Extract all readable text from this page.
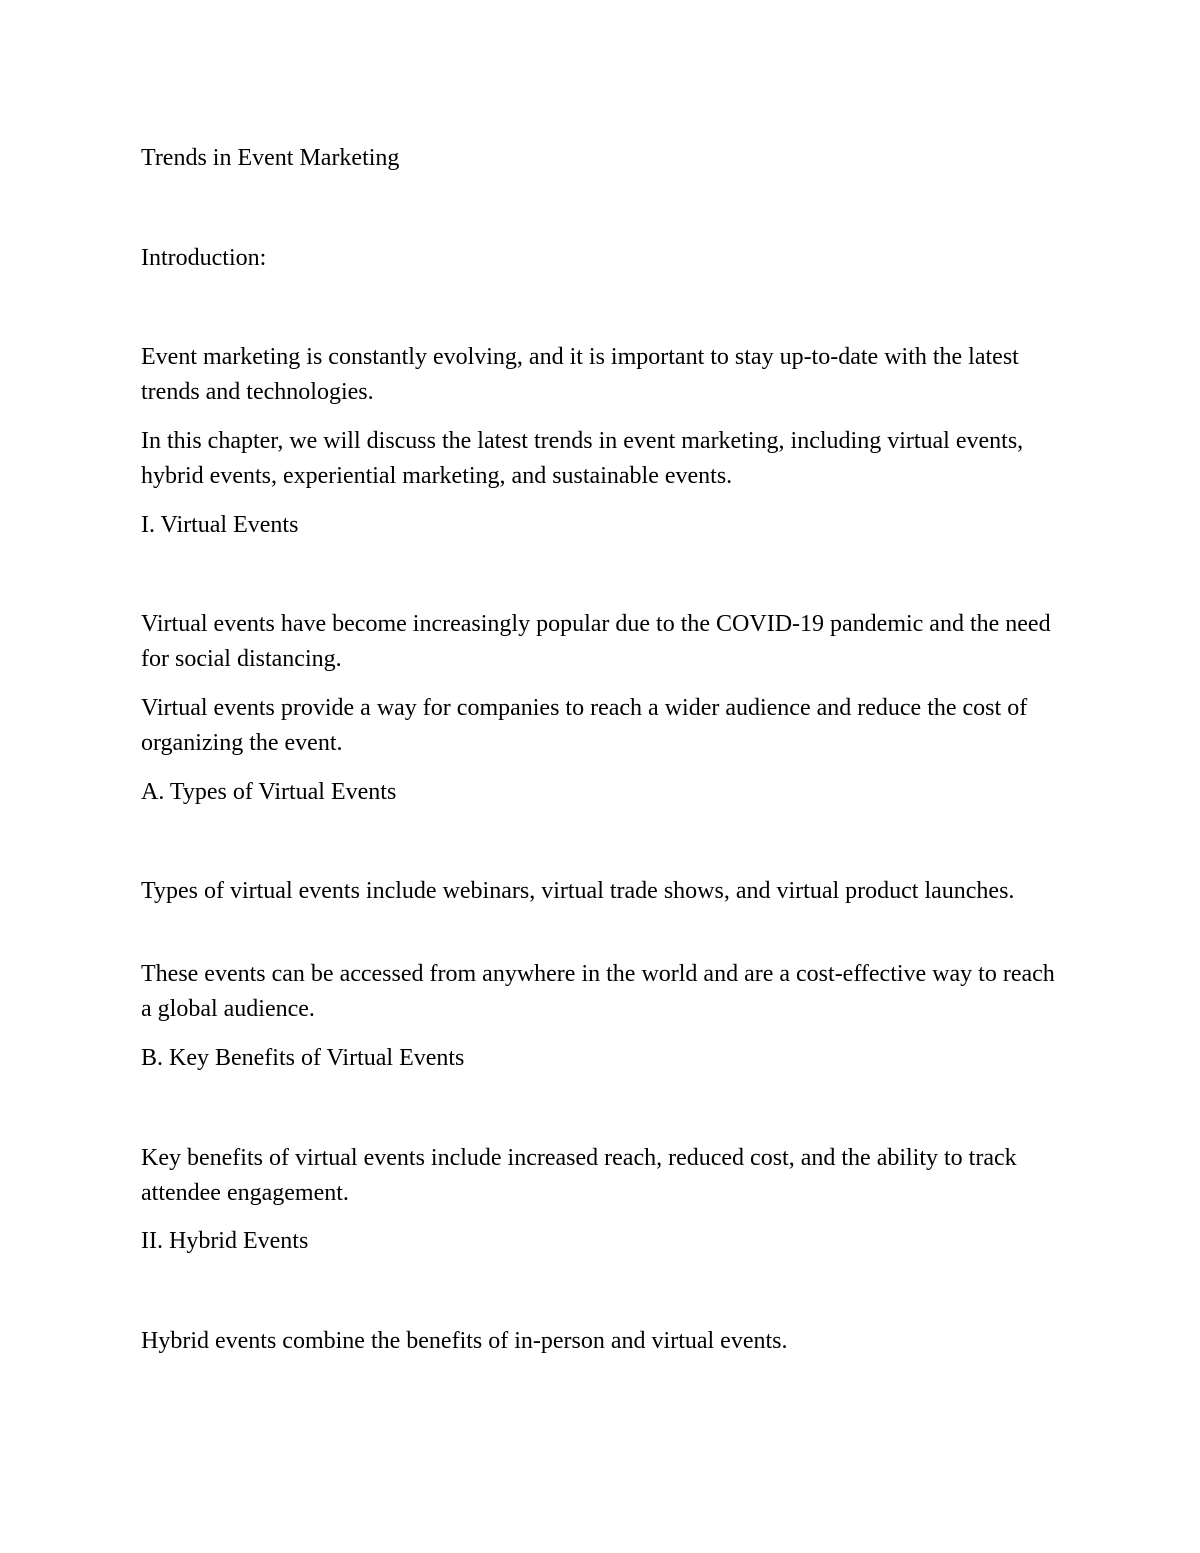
Trends in Event Marketing

Introduction:

Event marketing is constantly evolving, and it is important to stay up-to-date with the latest trends and technologies.

In this chapter, we will discuss the latest trends in event marketing, including virtual events, hybrid events, experiential marketing, and sustainable events.

I. Virtual Events

Virtual events have become increasingly popular due to the COVID-19 pandemic and the need for social distancing.

Virtual events provide a way for companies to reach a wider audience and reduce the cost of organizing the event.

A. Types of Virtual Events

Types of virtual events include webinars, virtual trade shows, and virtual product launches.

These events can be accessed from anywhere in the world and are a cost-effective way to reach a global audience.

B. Key Benefits of Virtual Events

Key benefits of virtual events include increased reach, reduced cost, and the ability to track attendee engagement.

II. Hybrid Events

Hybrid events combine the benefits of in-person and virtual events.
